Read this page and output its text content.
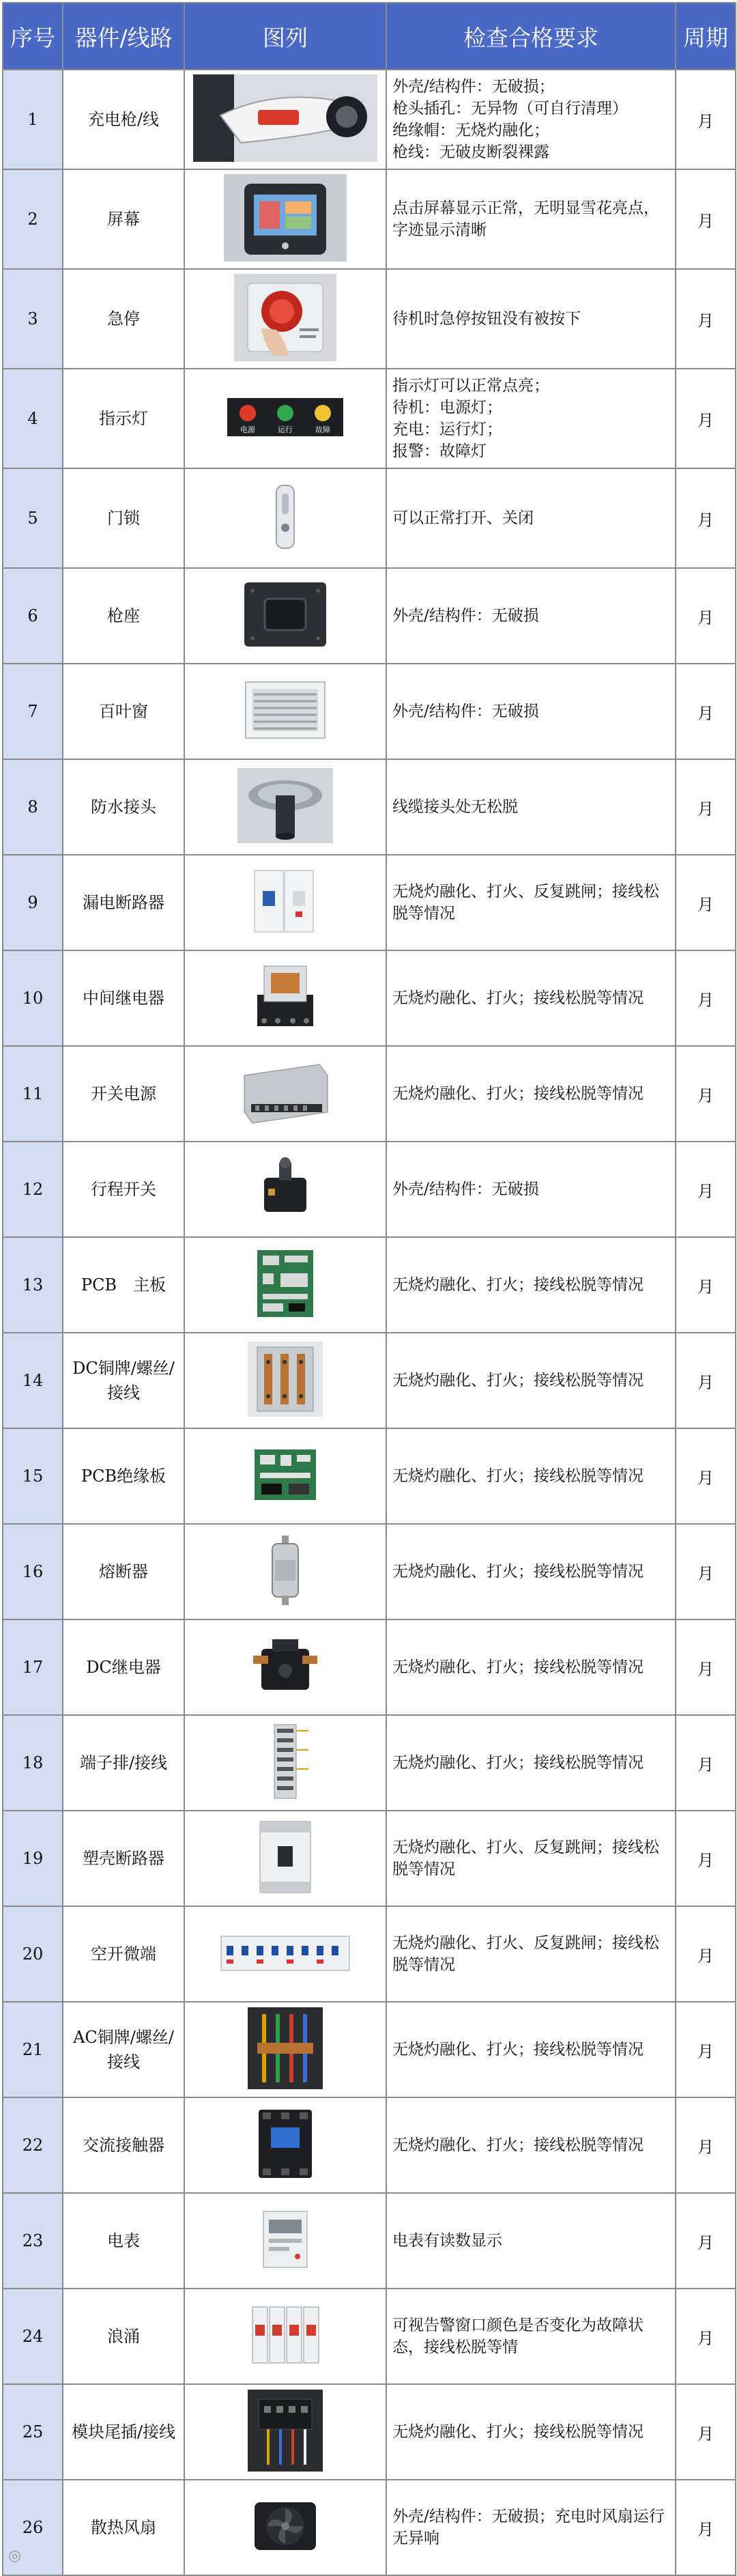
序号	器件/线路	图列	检查合格要求	周期
1	充电枪/线		外壳/结构件：无破损；
枪头插孔：无异物（可自行清理）
绝缘帽：无烧灼融化；
枪线：无破皮断裂裸露	月
2	屏幕		点击屏幕显示正常，无明显雪花亮点，字迹显示清晰	月
3	急停		待机时急停按钮没有被按下	月
4	指示灯	电源 运行 故障	指示灯可以正常点亮；
待机：电源灯；
充电：运行灯；
报警：故障灯	月
5	门锁		可以正常打开、关闭	月
6	枪座		外壳/结构件：无破损	月
7	百叶窗		外壳/结构件：无破损	月
8	防水接头		线缆接头处无松脱	月
9	漏电断路器		无烧灼融化、打火、反复跳闸；接线松脱等情况	月
10	中间继电器		无烧灼融化、打火；接线松脱等情况	月
11	开关电源		无烧灼融化、打火；接线松脱等情况	月
12	行程开关		外壳/结构件：无破损	月
13	PCB　主板		无烧灼融化、打火；接线松脱等情况	月
14	DC铜牌/螺丝/接线		无烧灼融化、打火；接线松脱等情况	月
15	PCB绝缘板		无烧灼融化、打火；接线松脱等情况	月
16	熔断器		无烧灼融化、打火；接线松脱等情况	月
17	DC继电器		无烧灼融化、打火；接线松脱等情况	月
18	端子排/接线		无烧灼融化、打火；接线松脱等情况	月
19	塑壳断路器		无烧灼融化、打火、反复跳闸；接线松脱等情况	月
20	空开微端		无烧灼融化、打火、反复跳闸；接线松脱等情况	月
21	AC铜牌/螺丝/接线		无烧灼融化、打火；接线松脱等情况	月
22	交流接触器		无烧灼融化、打火；接线松脱等情况	月
23	电表		电表有读数显示	月
24	浪涌		可视告警窗口颜色是否变化为故障状态，接线松脱等情	月
25	模块尾插/接线		无烧灼融化、打火；接线松脱等情况	月
26	散热风扇		外壳/结构件：无破损；充电时风扇运行无异响	月
◎ 　　　
